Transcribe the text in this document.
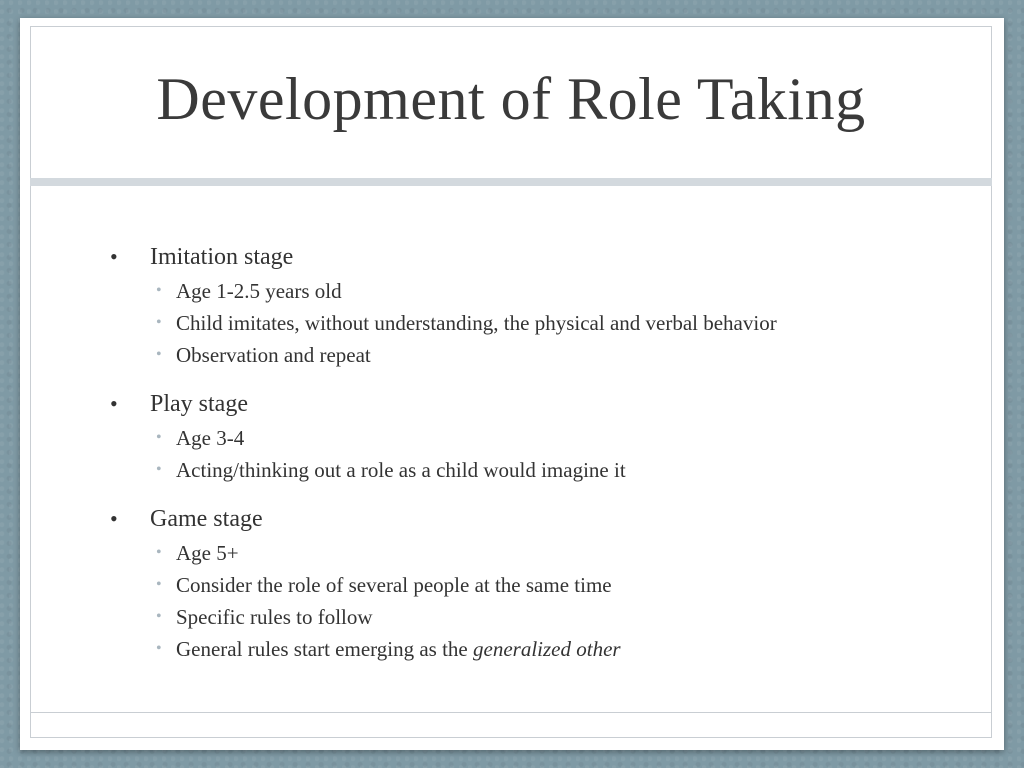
Development of Role Taking
• Imitation stage
• Age 1-2.5 years old
• Child imitates, without understanding, the physical and verbal behavior
• Observation and repeat
• Play stage
• Age 3-4
• Acting/thinking out a role as a child would imagine it
• Game stage
• Age 5+
• Consider the role of several people at the same time
• Specific rules to follow
• General rules start emerging as the generalized other
